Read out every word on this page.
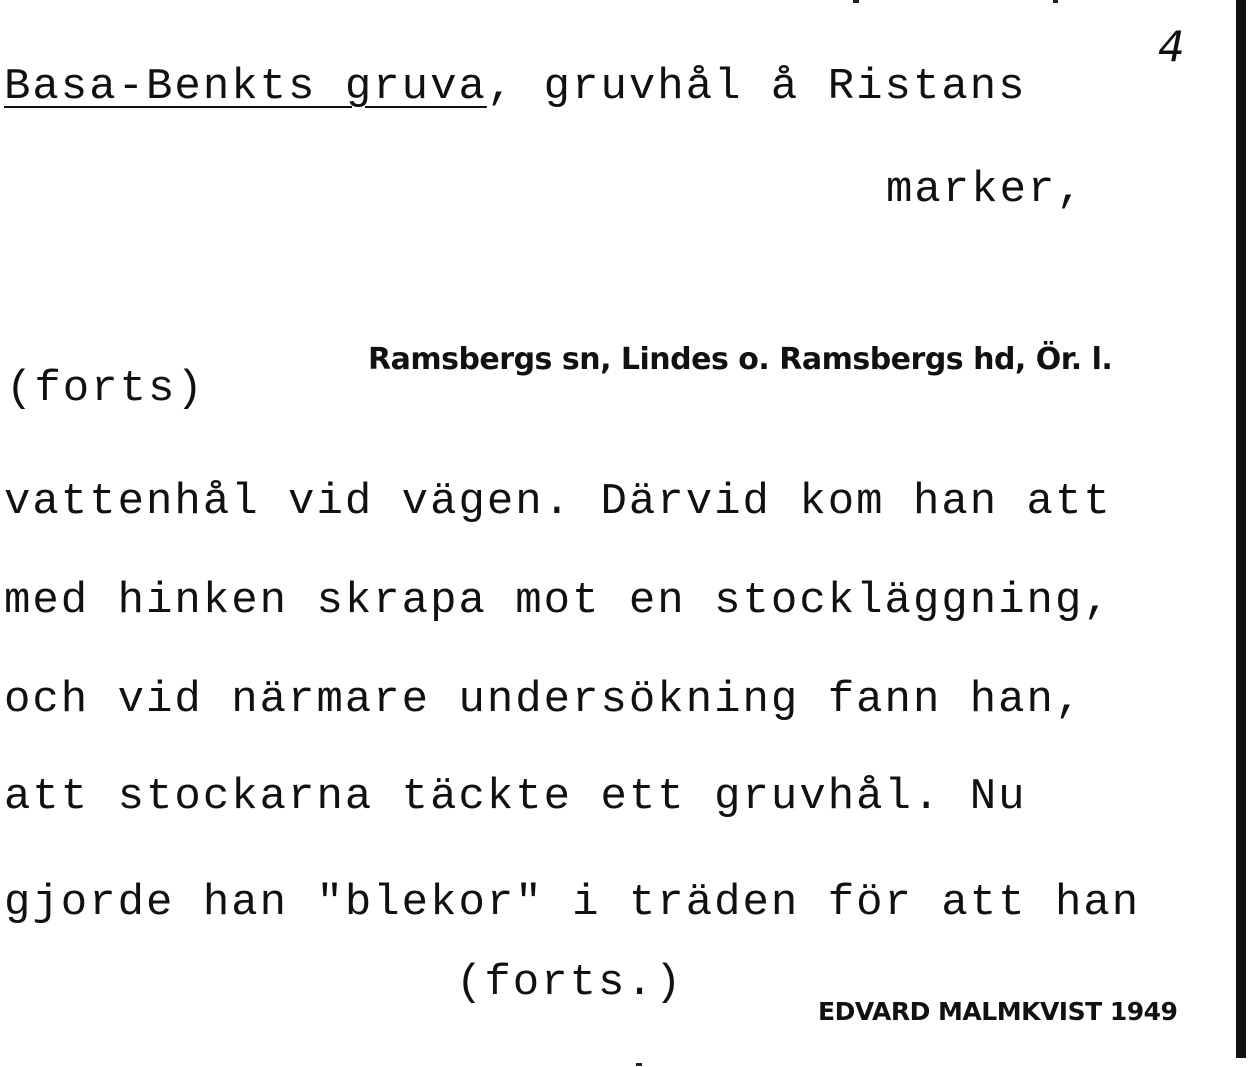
4
Basa-Benkts gruva, gruvhål å Ristans
marker,
(forts)
Ramsbergs sn, Lindes o. Ramsbergs hd, Ör. l.
vattenhål vid vägen. Därvid kom han att
med hinken skrapa mot en stockläggning,
och vid närmare undersökning fann han,
att stockarna täckte ett gruvhål. Nu
gjorde han "blekor" i träden för att han
(forts.)
EDVARD MALMKVIST 1949
